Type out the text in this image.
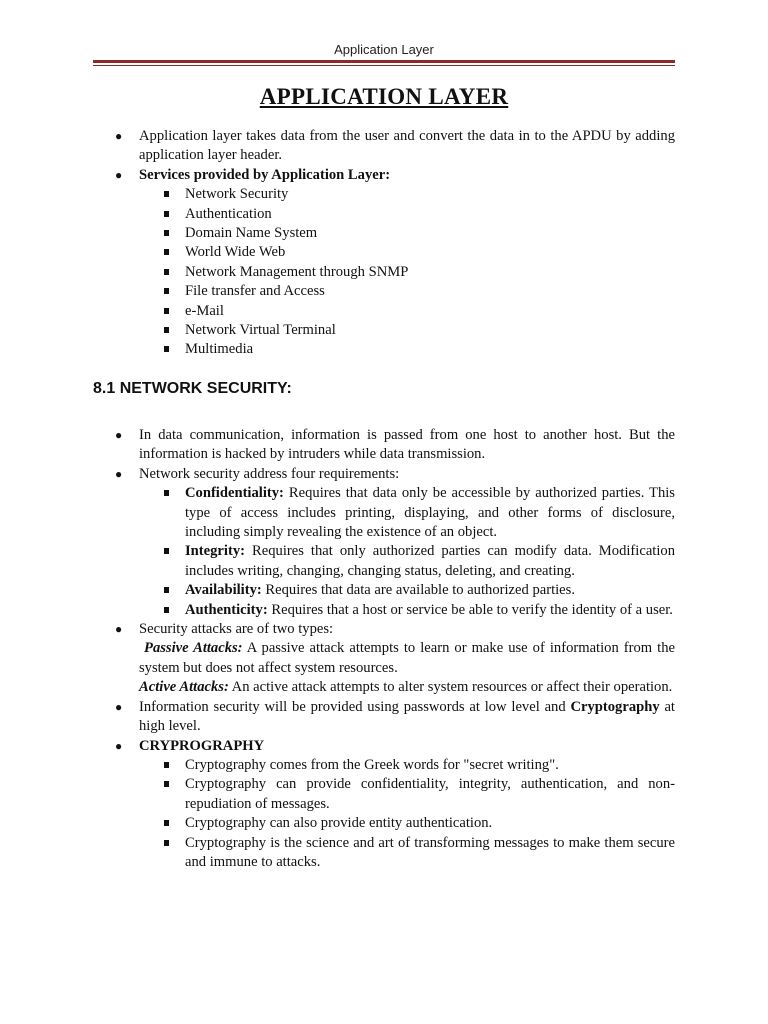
Application Layer
APPLICATION LAYER
● Application layer takes data from the user and convert the data in to the APDU by adding application layer header.
● Services provided by Application Layer:
Network Security
Authentication
Domain Name System
World Wide Web
Network Management through SNMP
File transfer and Access
e-Mail
Network Virtual Terminal
Multimedia
8.1 NETWORK SECURITY:
● In data communication, information is passed from one host to another host. But the information is hacked by intruders while data transmission.
● Network security address four requirements:
Confidentiality: Requires that data only be accessible by authorized parties. This type of access includes printing, displaying, and other forms of disclosure, including simply revealing the existence of an object.
Integrity: Requires that only authorized parties can modify data. Modification includes writing, changing, changing status, deleting, and creating.
Availability: Requires that data are available to authorized parties.
Authenticity: Requires that a host or service be able to verify the identity of a user.
● Security attacks are of two types:
Passive Attacks: A passive attack attempts to learn or make use of information from the system but does not affect system resources.
Active Attacks: An active attack attempts to alter system resources or affect their operation.
● Information security will be provided using passwords at low level and Cryptography at high level.
● CRYPROGRAPHY
Cryptography comes from the Greek words for "secret writing".
Cryptography can provide confidentiality, integrity, authentication, and non-repudiation of messages.
Cryptography can also provide entity authentication.
Cryptography is the science and art of transforming messages to make them secure and immune to attacks.
